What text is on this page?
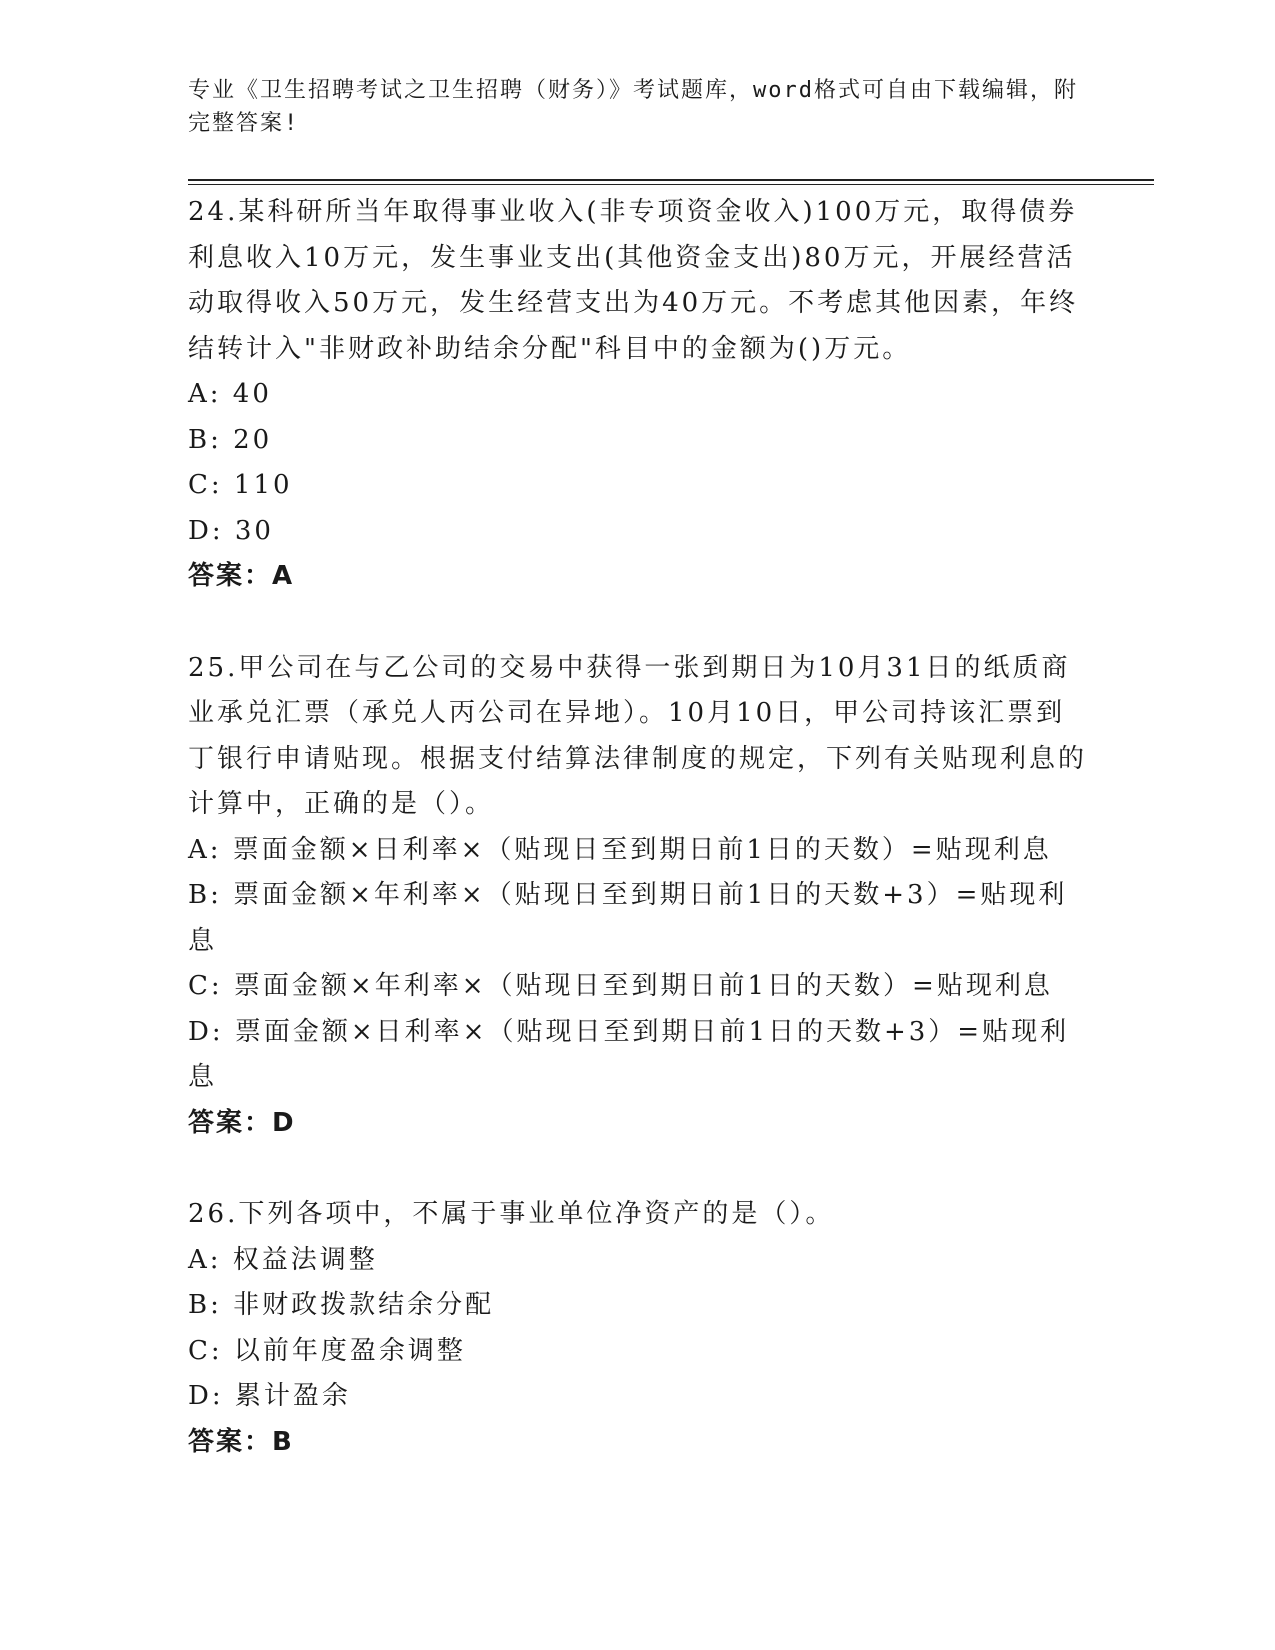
专业《卫生招聘考试之卫生招聘（财务）》考试题库，word格式可自由下载编辑，附完整答案!

24.某科研所当年取得事业收入(非专项资金收入)100万元，取得债券利息收入10万元，发生事业支出(其他资金支出)80万元，开展经营活动取得收入50万元，发生经营支出为40万元。不考虑其他因素，年终结转计入"非财政补助结余分配"科目中的金额为()万元。

A: 40

B: 20

C: 110

D: 30

答案：A

25.甲公司在与乙公司的交易中获得一张到期日为10月31日的纸质商业承兑汇票（承兑人丙公司在异地）。10月10日，甲公司持该汇票到丁银行申请贴现。根据支付结算法律制度的规定，下列有关贴现利息的计算中，正确的是（）。

A: 票面金额×日利率×（贴现日至到期日前1日的天数）=贴现利息

B: 票面金额×年利率×（贴现日至到期日前1日的天数+3）=贴现利息

C: 票面金额×年利率×（贴现日至到期日前1日的天数）=贴现利息

D: 票面金额×日利率×（贴现日至到期日前1日的天数+3）=贴现利息

答案：D

26.下列各项中，不属于事业单位净资产的是（）。

A: 权益法调整

B: 非财政拨款结余分配

C: 以前年度盈余调整

D: 累计盈余

答案：B
